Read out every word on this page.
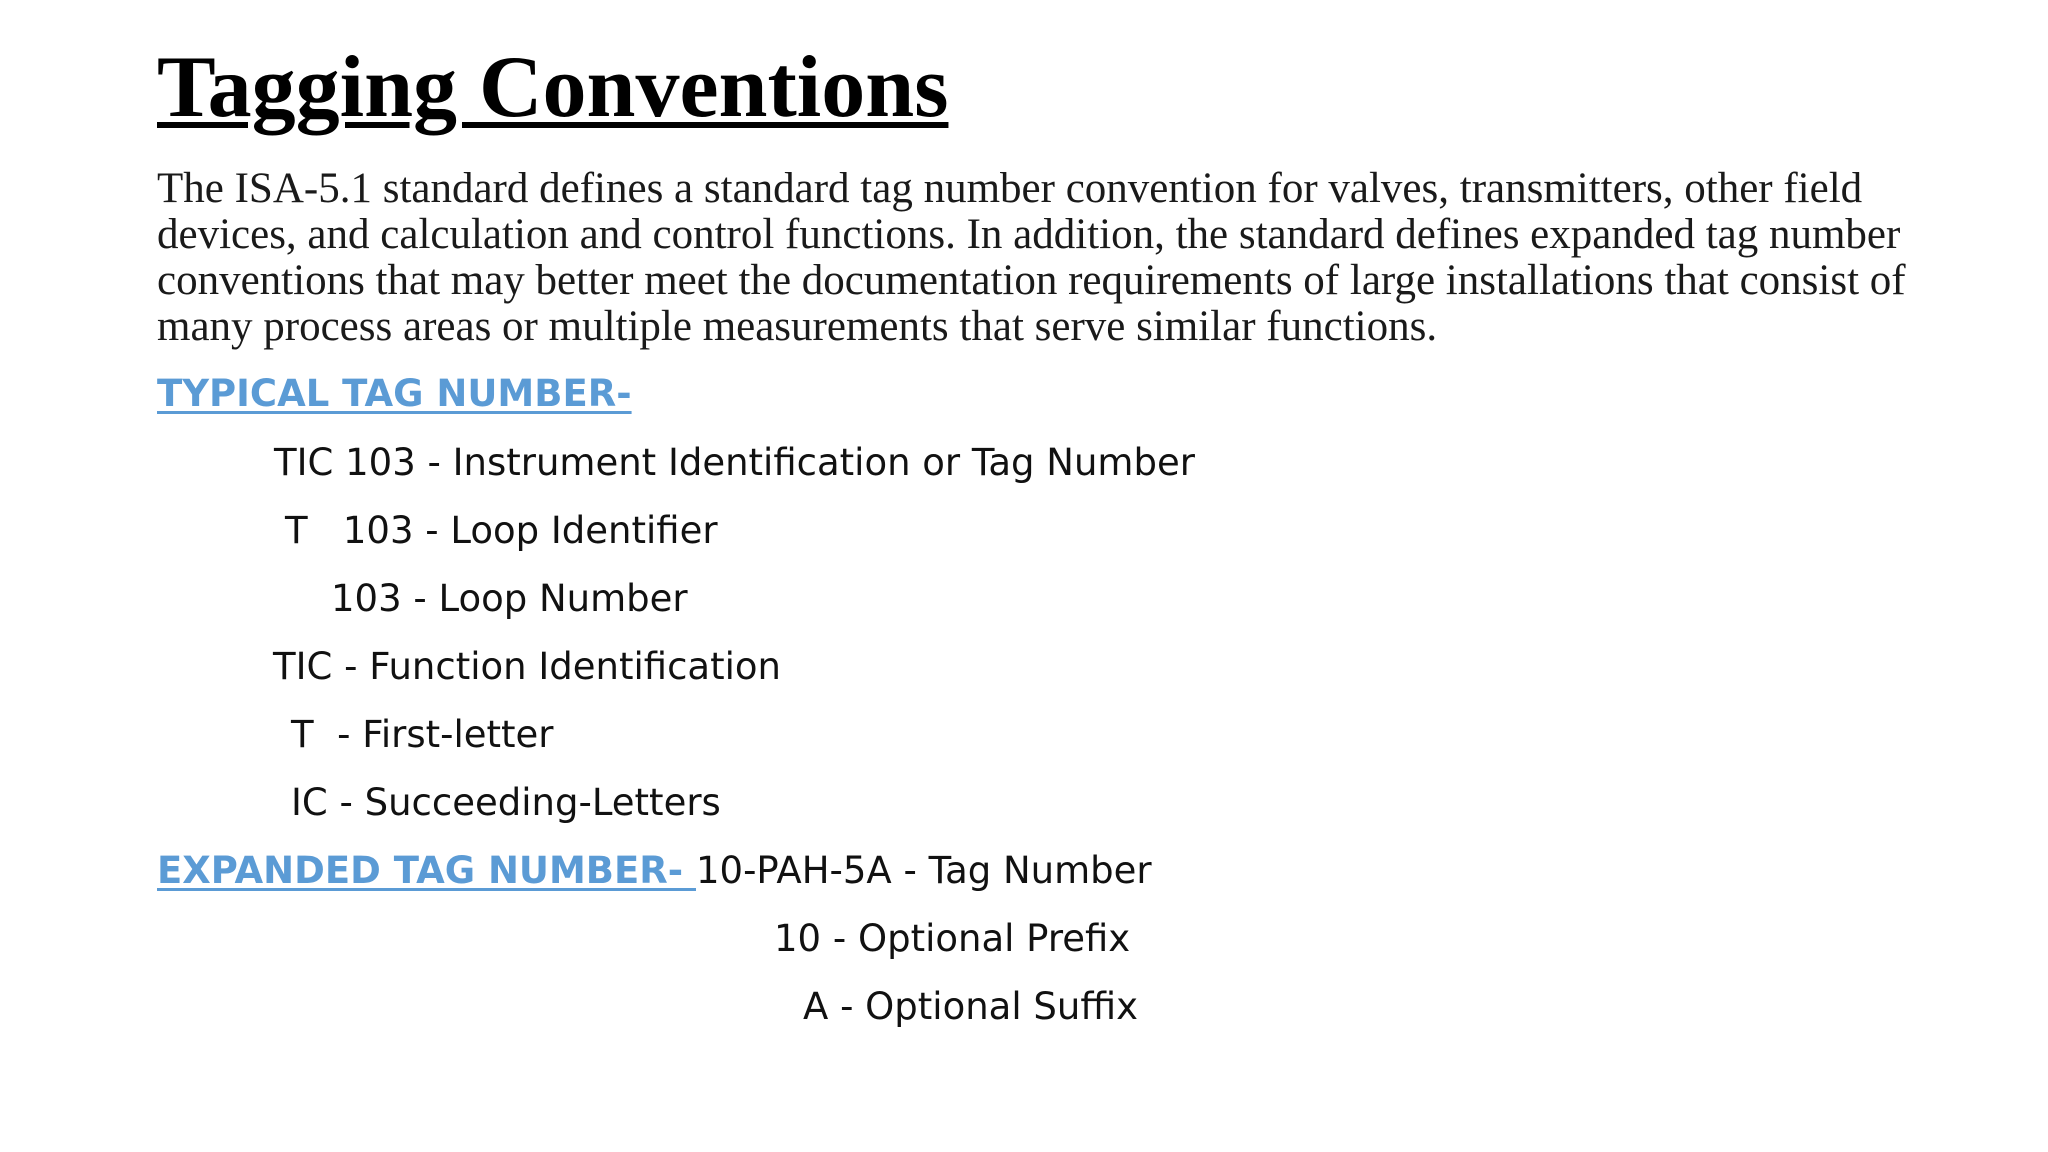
Tagging Conventions

The ISA-5.1 standard defines a standard tag number convention for valves, transmitters, other field devices, and calculation and control functions. In addition, the standard defines expanded tag number conventions that may better meet the documentation requirements of large installations that consist of many process areas or multiple measurements that serve similar functions.

TYPICAL TAG NUMBER-
TIC 103 - Instrument Identification or Tag Number
T   103 - Loop Identifier
103 - Loop Number
TIC - Function Identification
T  - First-letter
IC - Succeeding-Letters
EXPANDED TAG NUMBER- 10-PAH-5A - Tag Number
10 - Optional Prefix
A - Optional Suffix
